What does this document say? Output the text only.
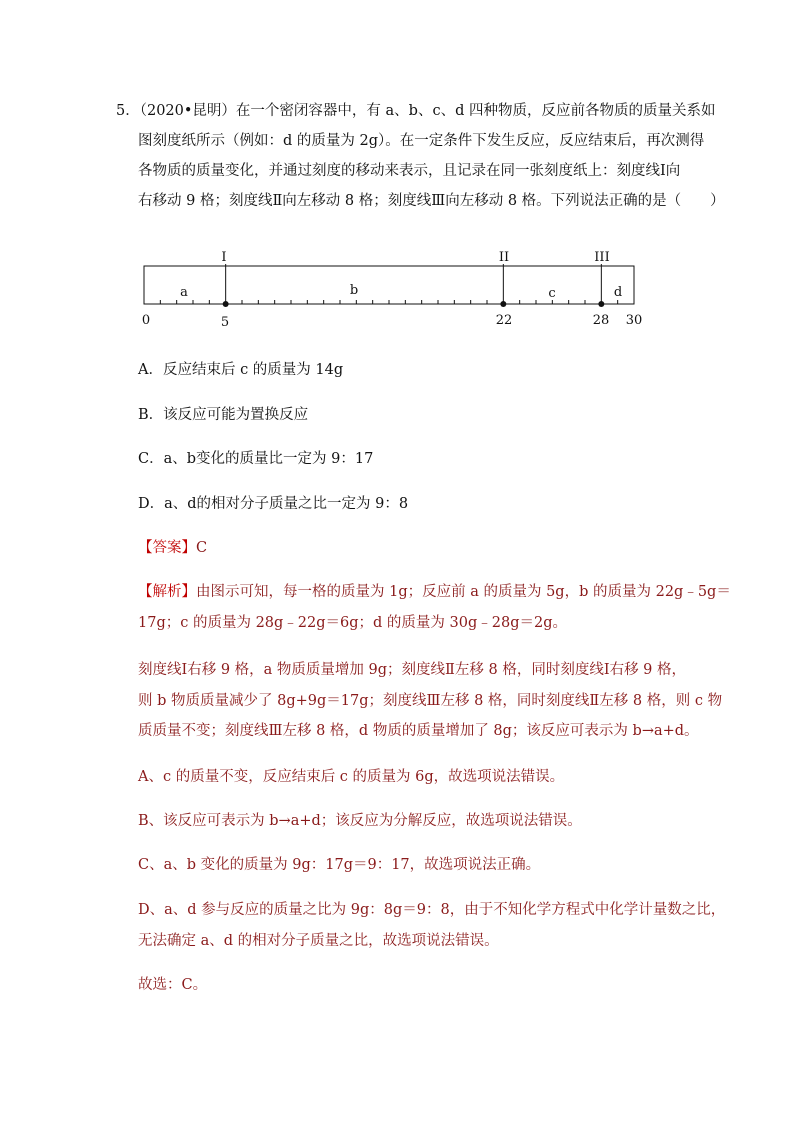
5．（2020•昆明）在一个密闭容器中，有 a、b、c、d 四种物质，反应前各物质的质量关系如
图刻度纸所示（例如：d 的质量为 2g）。在一定条件下发生反应，反应结束后，再次测得
各物质的质量变化，并通过刻度的移动来表示，且记录在同一张刻度纸上：刻度线Ⅰ向
右移动 9 格；刻度线Ⅱ向左移动 8 格；刻度线Ⅲ向左移动 8 格。下列说法正确的是（　　）
I	II	III
a	b	c	d
0	5	22	28 30
A．反应结束后 c 的质量为 14g
B．该反应可能为置换反应
C．a、b变化的质量比一定为 9：17
D．a、d的相对分子质量之比一定为 9：8
【答案】C
【解析】由图示可知，每一格的质量为 1g；反应前 a 的质量为 5g，b 的质量为 22g﹣5g＝
17g；c 的质量为 28g﹣22g＝6g；d 的质量为 30g﹣28g＝2g。
刻度线Ⅰ右移 9 格，a 物质质量增加 9g；刻度线Ⅱ左移 8 格，同时刻度线Ⅰ右移 9 格，
则 b 物质质量减少了 8g+9g＝17g；刻度线Ⅲ左移 8 格，同时刻度线Ⅱ左移 8 格，则 c 物
质质量不变；刻度线Ⅲ左移 8 格，d 物质的质量增加了 8g；该反应可表示为 b→a+d。
A、c 的质量不变，反应结束后 c 的质量为 6g，故选项说法错误。
B、该反应可表示为 b→a+d；该反应为分解反应，故选项说法错误。
C、a、b 变化的质量为 9g：17g＝9：17，故选项说法正确。
D、a、d 参与反应的质量之比为 9g：8g＝9：8，由于不知化学方程式中化学计量数之比，
无法确定 a、d 的相对分子质量之比，故选项说法错误。
故选：C。
